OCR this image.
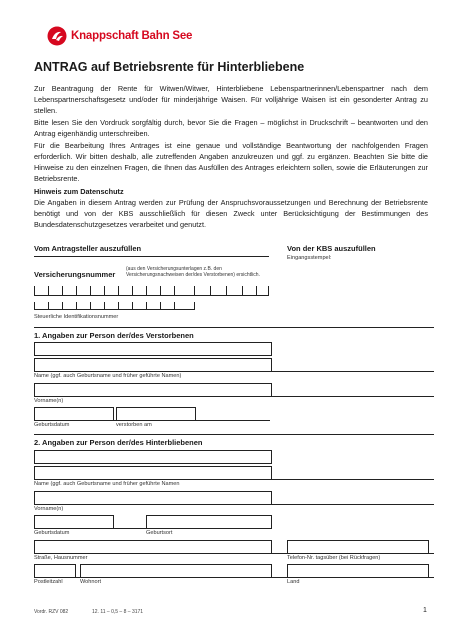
Knappschaft Bahn See
ANTRAG auf Betriebsrente für Hinterbliebene
Zur Beantragung der Rente für Witwen/Witwer, Hinterbliebene Lebenspartnerinnen/Lebenspartner nach dem Lebenspartnerschaftsgesetz und/oder für minderjährige Waisen. Für volljährige Waisen ist ein gesonderter Antrag zu stellen.
Bitte lesen Sie den Vordruck sorgfältig durch, bevor Sie die Fragen – möglichst in Druckschrift – beantworten und den Antrag eigenhändig unterschreiben.
Für die Bearbeitung Ihres Antrages ist eine genaue und vollständige Beantwortung der nachfolgenden Fragen erforderlich. Wir bitten deshalb, alle zutreffenden Angaben anzukreuzen und ggf. zu ergänzen. Beachten Sie bitte die Hinweise zu den einzelnen Fragen, die Ihnen das Ausfüllen des Antrages erleichtern sollen, sowie die Erläuterungen zur Betriebsrente.
Hinweis zum Datenschutz
Die Angaben in diesem Antrag werden zur Prüfung der Anspruchsvoraussetzungen und Berechnung der Betriebsrente benötigt und von der KBS ausschließlich für diesen Zweck unter Berücksichtigung der Bestimmungen des Bundesdatenschutzgesetzes verarbeitet und genutzt.
Vom Antragsteller auszufüllen
Versicherungsnummer
(aus den Versicherungsunterlagen z.B. den Versicherungsnachweisen der/des Verstorbenen) ersichtlich.
Steuerliche Identifikationsnummer
Von der KBS auszufüllen
Eingangsstempel:
1. Angaben zur Person der/des Verstorbenen
Name (ggf. auch Geburtsname und früher geführte Namen)
Vorname(n)
Geburtsdatum	verstorben am
2. Angaben zur Person der/des Hinterbliebenen
Name (ggf. auch Geburtsname und früher geführte Namen
Vorname(n)
Geburtsdatum	Geburtsort
Straße, Hausnummer	Telefon-Nr. tagsüber (bei Rückfragen)
Postleitzahl	Wohnort	Land
Vordr. RZV 082	12. 11 – 0,5 – 8 – 3171	1
